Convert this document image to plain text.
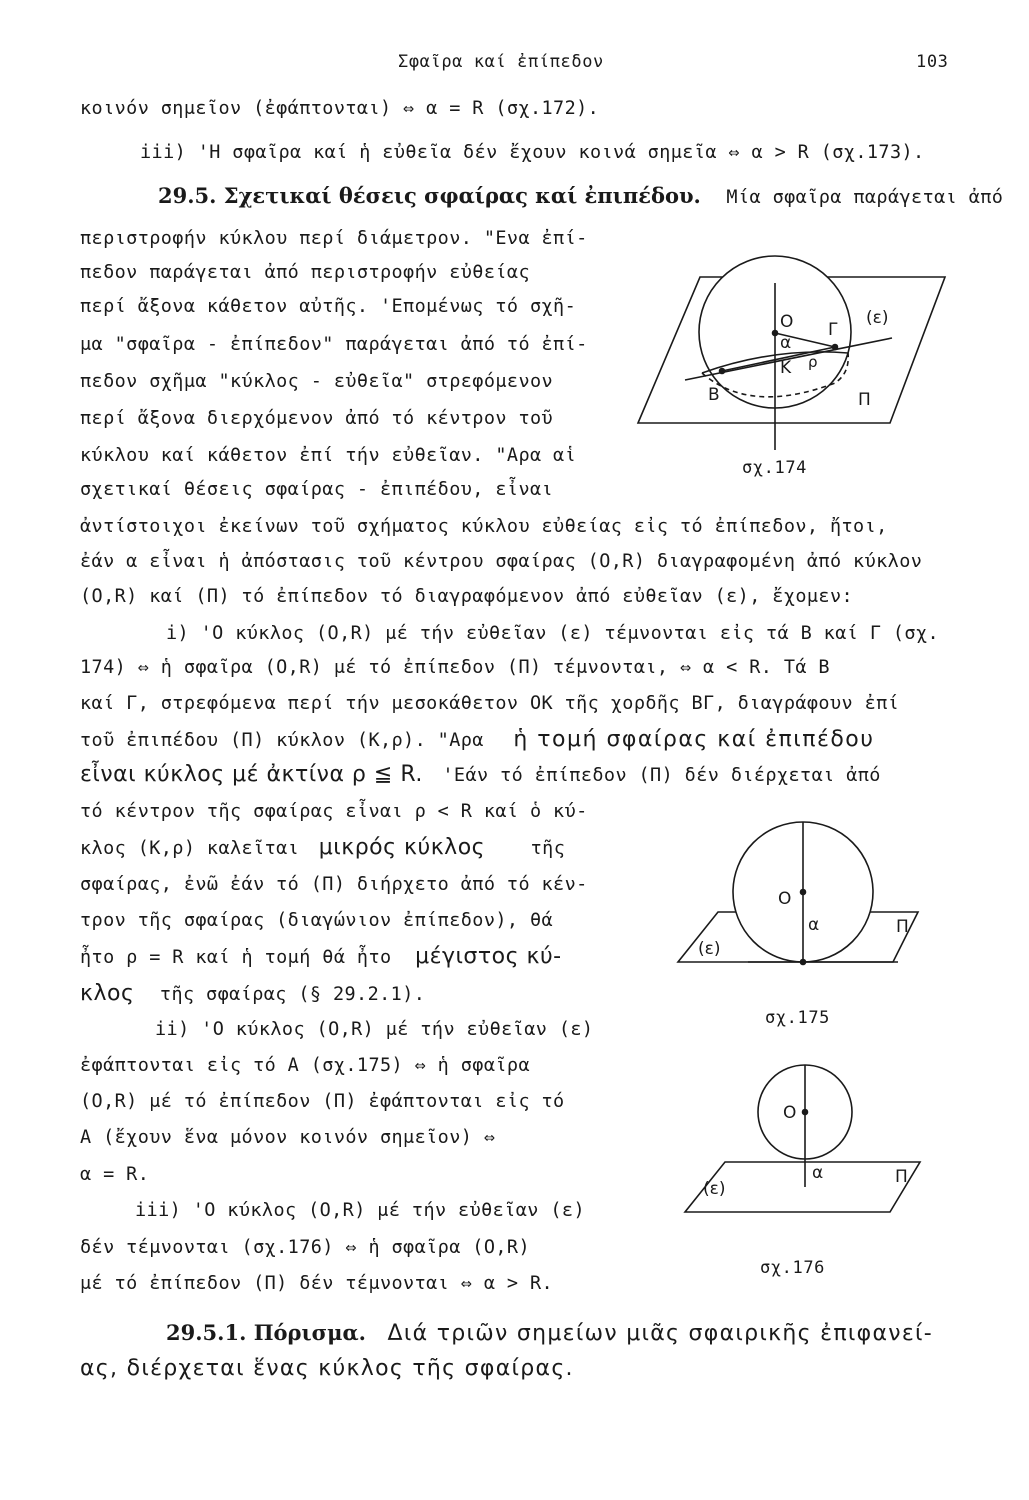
Σφαῖρα καί ἐπίπεδον	103
κοινόν σημεῖον (ἐφάπτονται) ⇔ α = R (σχ.172).
iii) 'Η σφαῖρα καί ἡ εὐθεῖα δέν ἔχουν κοινά σημεῖα ⇔ α > R (σχ.173).
29.5. Σχετικαί θέσεις σφαίρας καί ἐπιπέδου. Μία σφαῖρα παράγεται ἀπό
περιστροφήν κύκλου περί διάμετρον. "Ενα ἐπί-
πεδον παράγεται ἀπό περιστροφήν εὐθείας
περί ἄξονα κάθετον αὐτῆς. 'Επομένως τό σχῆ-
μα "σφαῖρα - ἐπίπεδον" παράγεται ἀπό τό ἐπί-
πεδον σχῆμα "κύκλος - εὐθεῖα" στρεφόμενον
περί ἄξονα διερχόμενον ἀπό τό κέντρον τοῦ
κύκλου καί κάθετον ἐπί τήν εὐθεῖαν. "Αρα αἱ
σχετικαί θέσεις σφαίρας - ἐπιπέδου, εἶναι
ἀντίστοιχοι ἐκείνων τοῦ σχήματος κύκλου εὐθείας εἰς τό ἐπίπεδον, ἤτοι,
ἐάν α εἶναι ἡ ἀπόστασις τοῦ κέντρου σφαίρας (O,R) διαγραφομένη ἀπό κύκλον
(O,R) καί (Π) τό ἐπίπεδον τό διαγραφόμενον ἀπό εὐθεῖαν (ε), ἔχομεν:
i) 'Ο κύκλος (O,R) μέ τήν εὐθεῖαν (ε) τέμνονται εἰς τά Β καί Γ (σχ.
174) ⇔ ἡ σφαῖρα (O,R) μέ τό ἐπίπεδον (Π) τέμνονται, ⇔ α < R. Τά Β
καί Γ, στρεφόμενα περί τήν μεσοκάθετον ΟΚ τῆς χορδῆς ΒΓ, διαγράφουν ἐπί
τοῦ ἐπιπέδου (Π) κύκλον (Κ,ρ). "Αρα ἡ τομή σφαίρας καί ἐπιπέδου
εἶναι κύκλος μέ ἀκτίνα ρ ≦ R. 'Εάν τό ἐπίπεδον (Π) δέν διέρχεται ἀπό
τό κέντρον τῆς σφαίρας εἶναι ρ < R καί ὁ κύ-
κλος (Κ,ρ) καλεῖται μικρός κύκλος τῆς
σφαίρας, ἐνῶ ἐάν τό (Π) διήρχετο ἀπό τό κέν-
τρον τῆς σφαίρας (διαγώνιον ἐπίπεδον), θά
ἦτο ρ = R καί ἡ τομή θά ἦτο μέγιστος κύ-
κλος τῆς σφαίρας (§ 29.2.1).
ii) 'Ο κύκλος (O,R) μέ τήν εὐθεῖαν (ε)
ἐφάπτονται εἰς τό Α (σχ.175) ⇔ ἡ σφαῖρα
(O,R) μέ τό ἐπίπεδον (Π) ἐφάπτονται εἰς τό
Α (ἔχουν ἕνα μόνον κοινόν σημεῖον) ⇔
α = R.
iii) 'Ο κύκλος (O,R) μέ τήν εὐθεῖαν (ε)
δέν τέμνονται (σχ.176) ⇔ ἡ σφαῖρα (O,R)
μέ τό ἐπίπεδον (Π) δέν τέμνονται ⇔ α > R.
29.5.1. Πόρισμα. Διά τριῶν σημείων μιᾶς σφαιρικῆς ἐπιφανεί-
ας, διέρχεται ἕνας κύκλος τῆς σφαίρας.
O
α
K ρ
B
Γ
(ε)
Π
σχ.174
O
α
(ε)
Π
σχ.175
O
α
(ε)
Π
σχ.176
